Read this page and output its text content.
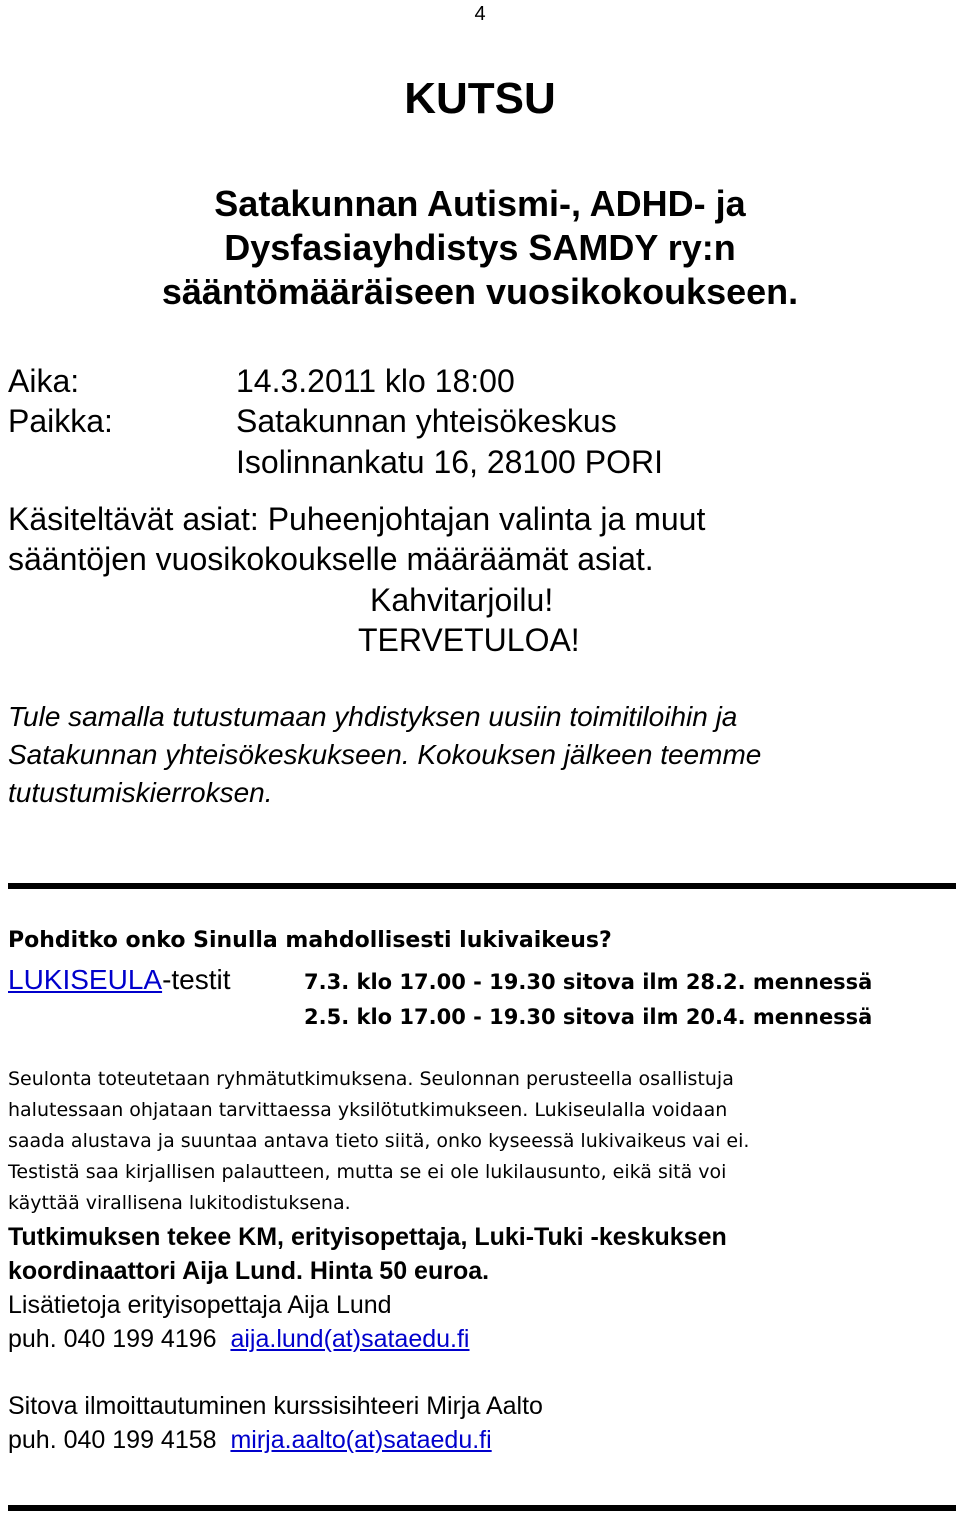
4
KUTSU
Satakunnan Autismi-, ADHD- ja
Dysfasiayhdistys SAMDY ry:n
sääntömääräiseen vuosikokoukseen.
Aika:	14.3.2011 klo 18:00
Paikka:	Satakunnan yhteisökeskus
Isolinnankatu 16, 28100 PORI
Käsiteltävät asiat: Puheenjohtajan valinta ja muut
sääntöjen vuosikokoukselle määräämät asiat.
Kahvitarjoilu!
TERVETULOA!
Tule samalla tutustumaan yhdistyksen uusiin toimitiloihin ja
Satakunnan yhteisökeskukseen. Kokouksen jälkeen teemme
tutustumiskierroksen.
Pohditko onko Sinulla mahdollisesti lukivaikeus?
LUKISEULA-testit	7.3. klo 17.00 - 19.30 sitova ilm 28.2. mennessä
2.5. klo 17.00 - 19.30 sitova ilm 20.4. mennessä
Seulonta toteutetaan ryhmätutkimuksena. Seulonnan perusteella osallistuja
halutessaan ohjataan tarvittaessa yksilötutkimukseen. Lukiseulalla voidaan
saada alustava ja suuntaa antava tieto siitä, onko kyseessä lukivaikeus vai ei.
Testistä saa kirjallisen palautteen, mutta se ei ole lukilausunto, eikä sitä voi
käyttää virallisena lukitodistuksena.
Tutkimuksen tekee KM, erityisopettaja, Luki-Tuki -keskuksen
koordinaattori Aija Lund. Hinta 50 euroa.
Lisätietoja erityisopettaja Aija Lund
puh. 040 199 4196 aija.lund(at)sataedu.fi
Sitova ilmoittautuminen kurssisihteeri Mirja Aalto
puh. 040 199 4158 mirja.aalto(at)sataedu.fi
